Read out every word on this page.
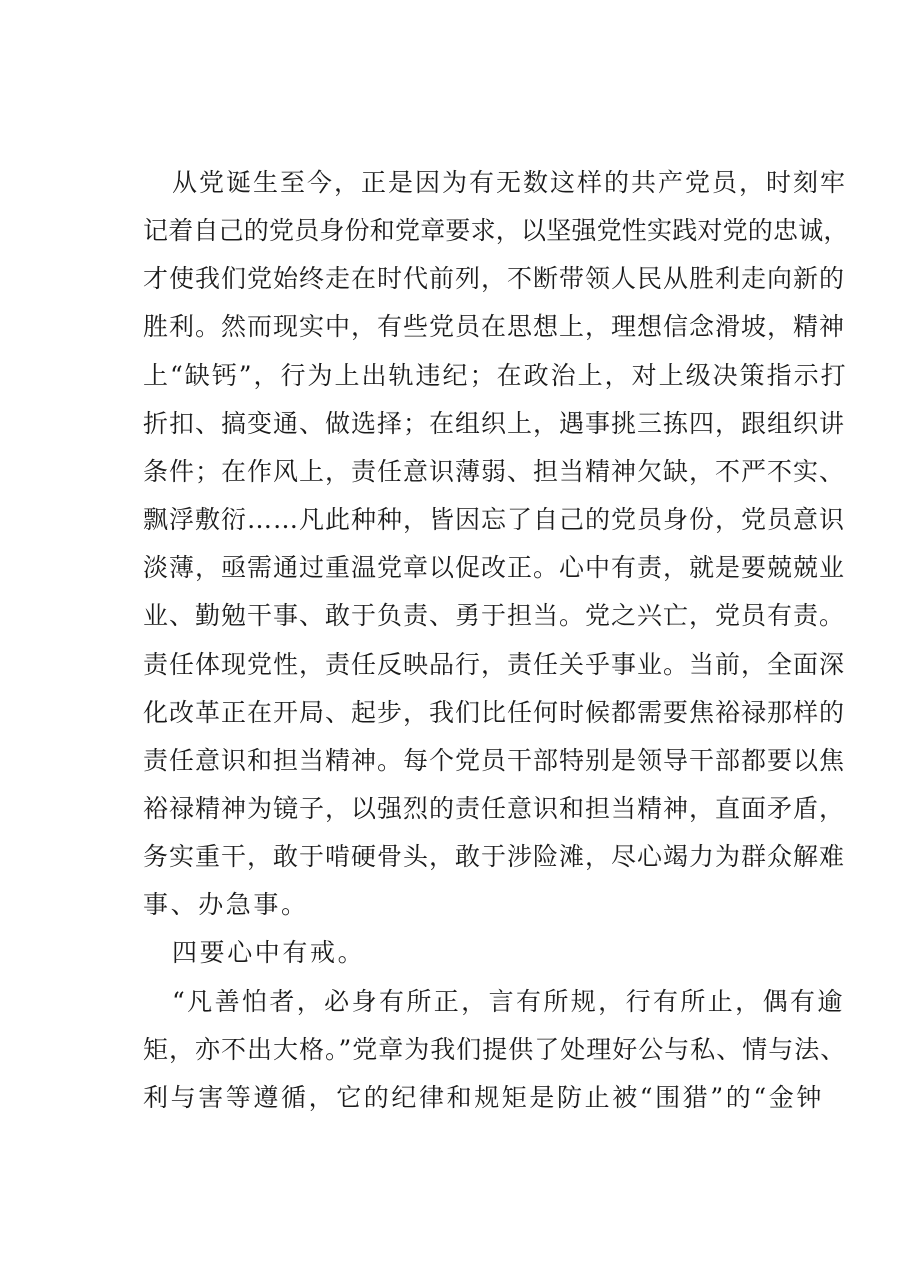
从党诞生至今，正是因为有无数这样的共产党员，时刻牢
记着自己的党员身份和党章要求，以坚强党性实践对党的忠诚，
才使我们党始终走在时代前列，不断带领人民从胜利走向新的
胜利。然而现实中，有些党员在思想上，理想信念滑坡，精神
上“缺钙”，行为上出轨违纪；在政治上，对上级决策指示打
折扣、搞变通、做选择；在组织上，遇事挑三拣四，跟组织讲
条件；在作风上，责任意识薄弱、担当精神欠缺，不严不实、
飘浮敷衍……凡此种种，皆因忘了自己的党员身份，党员意识
淡薄，亟需通过重温党章以促改正。心中有责，就是要兢兢业
业、勤勉干事、敢于负责、勇于担当。党之兴亡，党员有责。
责任体现党性，责任反映品行，责任关乎事业。当前，全面深
化改革正在开局、起步，我们比任何时候都需要焦裕禄那样的
责任意识和担当精神。每个党员干部特别是领导干部都要以焦
裕禄精神为镜子，以强烈的责任意识和担当精神，直面矛盾，
务实重干，敢于啃硬骨头，敢于涉险滩，尽心竭力为群众解难
事、办急事。
四要心中有戒。
“凡善怕者，必身有所正，言有所规，行有所止，偶有逾
矩，亦不出大格。”党章为我们提供了处理好公与私、情与法、
利与害等遵循，它的纪律和规矩是防止被“围猎”的“金钟
